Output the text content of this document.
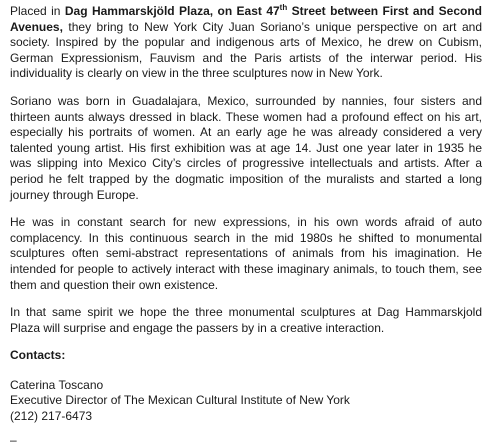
Placed in Dag Hammarskjöld Plaza, on East 47th Street between First and Second Avenues, they bring to New York City Juan Soriano’s unique perspective on art and society. Inspired by the popular and indigenous arts of Mexico, he drew on Cubism, German Expressionism, Fauvism and the Paris artists of the interwar period. His individuality is clearly on view in the three sculptures now in New York.

Soriano was born in Guadalajara, Mexico, surrounded by nannies, four sisters and thirteen aunts always dressed in black. These women had a profound effect on his art, especially his portraits of women. At an early age he was already considered a very talented young artist. His first exhibition was at age 14. Just one year later in 1935 he was slipping into Mexico City’s circles of progressive intellectuals and artists. After a period he felt trapped by the dogmatic imposition of the muralists and started a long journey through Europe.

He was in constant search for new expressions, in his own words afraid of auto complacency. In this continuous search in the mid 1980s he shifted to monumental sculptures often semi-abstract representations of animals from his imagination. He intended for people to actively interact with these imaginary animals, to touch them, see them and question their own existence.

In that same spirit we hope the three monumental sculptures at Dag Hammarskjold Plaza will surprise and engage the passers by in a creative interaction.

Contacts:
Caterina Toscano
Executive Director of The Mexican Cultural Institute of New York
(212) 217-6473
–
